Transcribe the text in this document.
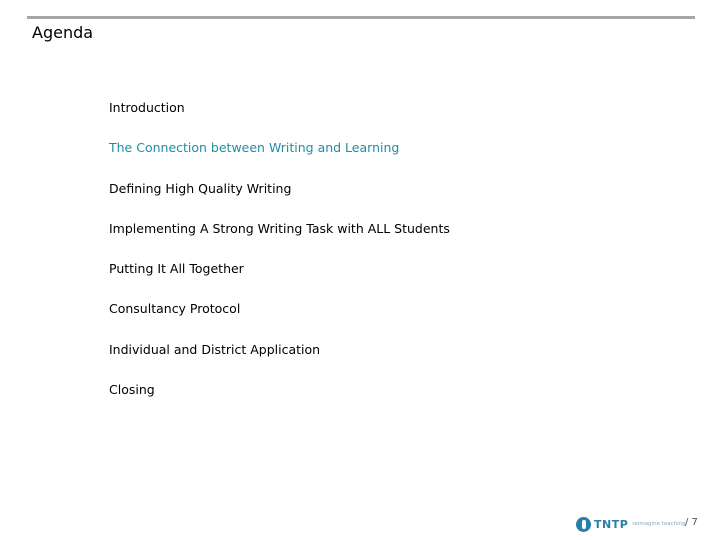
Agenda
Introduction
The Connection between Writing and Learning
Defining High Quality Writing
Implementing A Strong Writing Task with ALL Students
Putting It All Together
Consultancy Protocol
Individual and District Application
Closing
TNTP reimagine teaching / 7
